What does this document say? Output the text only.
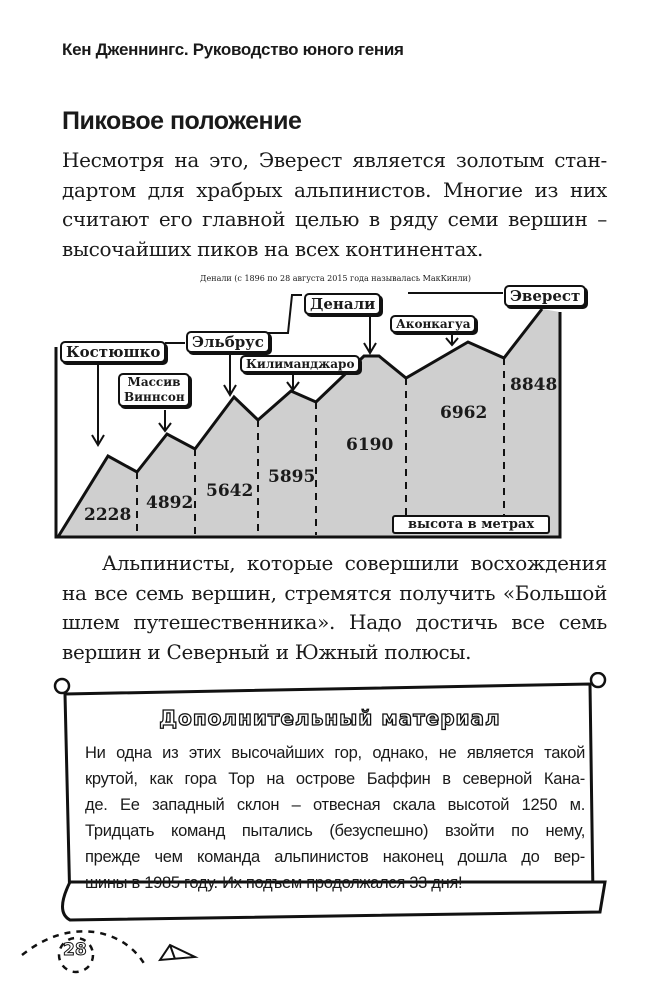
Кен Дженнингс. Руководство юного гения
Пиковое положение
Несмотря на это, Эверест является золотым стан-
дартом для храбрых альпинистов. Многие из них
считают его главной целью в ряду семи вершин –
высочайших пиков на всех континентах.
Денали (с 1896 по 28 августа 2015 года называлась МакКинли)
Костюшко
Массив Виннсон
Эльбрус
Килиманджаро
Денали
Аконкагуа
Эверест
2228
4892
5642
5895
6190
6962
8848
высота в метрах
Альпинисты, которые совершили восхождения
на все семь вершин, стремятся получить «Большой
шлем путешественника». Надо достичь все семь
вершин и Северный и Южный полюсы.
Дополнительный материал
Ни одна из этих высочайших гор, однако, не является такой
крутой, как гора Тор на острове Баффин в северной Кана-
де. Ее западный склон – отвесная скала высотой 1250 м.
Тридцать команд пытались (безуспешно) взойти по нему,
прежде чем команда альпинистов наконец дошла до вер-
шины в 1985 году. Их подъем продолжался 33 дня!
28
